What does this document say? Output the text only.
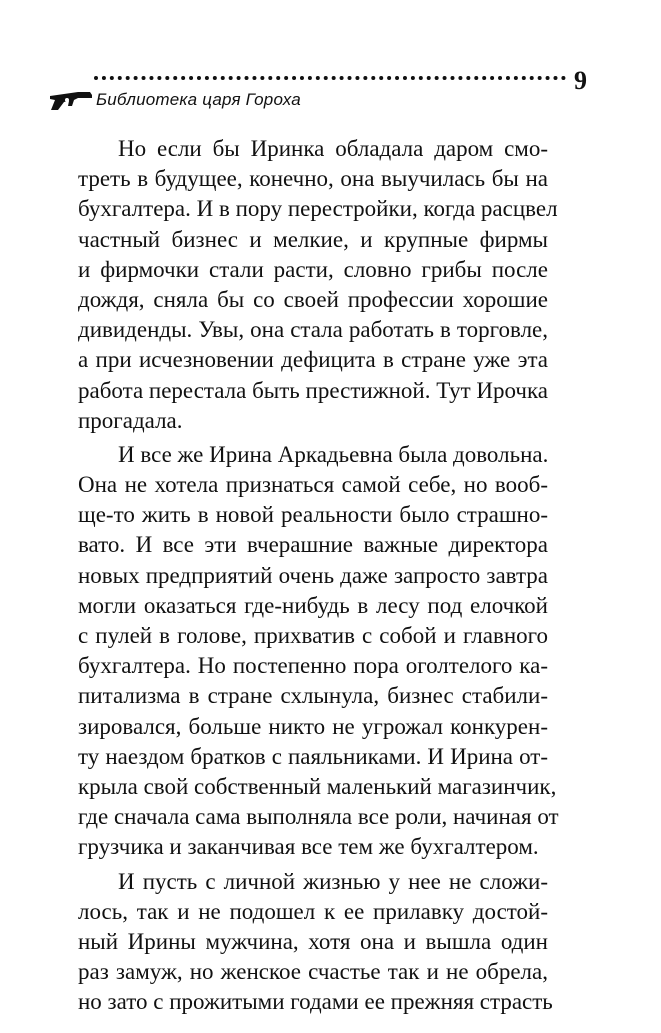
9
Библиотека царя Гороха

Но если бы Иринка обладала даром смо-
треть в будущее, конечно, она выучилась бы на
бухгалтера. И в пору перестройки, когда расцвел
частный бизнес и мелкие, и крупные фирмы
и фирмочки стали расти, словно грибы после
дождя, сняла бы со своей профессии хорошие
дивиденды. Увы, она стала работать в торговле,
а при исчезновении дефицита в стране уже эта
работа перестала быть престижной. Тут Ирочка
прогадала.

И все же Ирина Аркадьевна была довольна.
Она не хотела признаться самой себе, но вооб-
ще-то жить в новой реальности было страшно-
вато. И все эти вчерашние важные директора
новых предприятий очень даже запросто завтра
могли оказаться где-нибудь в лесу под елочкой
с пулей в голове, прихватив с собой и главного
бухгалтера. Но постепенно пора оголтелого ка-
питализма в стране схлынула, бизнес стабили-
зировался, больше никто не угрожал конкурен-
ту наездом братков с паяльниками. И Ирина от-
крыла свой собственный маленький магазинчик,
где сначала сама выполняла все роли, начиная от
грузчика и заканчивая все тем же бухгалтером.

И пусть с личной жизнью у нее не сложи-
лось, так и не подошел к ее прилавку достой-
ный Ирины мужчина, хотя она и вышла один
раз замуж, но женское счастье так и не обрела,
но зато с прожитыми годами ее прежняя страсть
